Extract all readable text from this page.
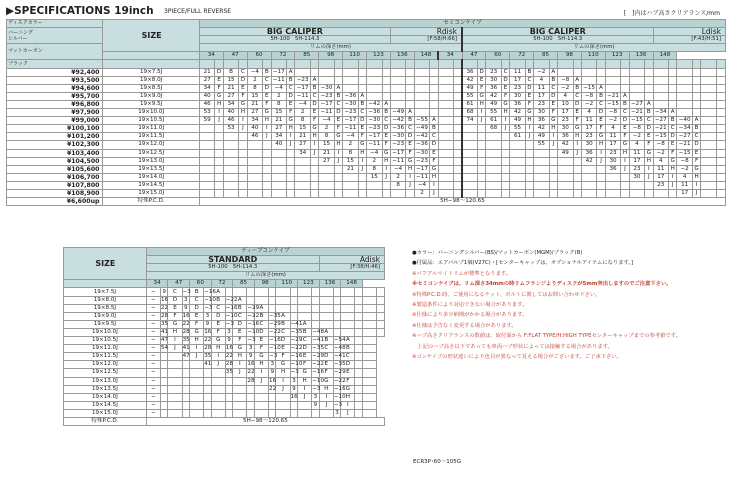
▶SPECIFICATIONS 19inch 3PIECE/FULL REVERSE	[　]内はハブ高さクリアランス/mm
ディスクカラー	SIZE	セミコンケイブ																																											
バーニング
シルバー		BIG CALIPER																Rdisk						BIG CALIPER																Ldisk					
		5H-100　5H-114.3																[F:58/H:66]						5H-100　5H-114.3																[F:43/H:51]					
マットカーボン		リムの深さ(mm)																						リムの深さ(mm)																					
		34		47		60		72		85		98		110		123		136		148		34		47		60		72		85		98		110		123		136		148					
ブラック																																													
¥92,400	19×7.5J	21	D	B	C	−4	B	−17	A															36	D	23	C	11	B	−2	A														
¥93,500	19×8.0J	27	E	15	D	2	C	−11	B	−23	A													42	E	30	D	17	C	4	B	−8	A												
¥94,600	19×8.5J	34	F	21	E	8	D	−4	C	−17	B	−30	A											49	F	36	E	23	D	11	C	−2	B	−15	A										
¥95,700	19×9.0J	40	G	27	F	15	E	2	D	−11	C	−23	B	−36	A									55	G	42	F	30	E	17	D	4	C	−8	B	−21	A								
¥96,800	19×9.5J	46	H	34	G	21	F	8	E	−4	D	−17	C	−30	B	−42	A							61	H	49	G	36	F	23	E	10	D	−2	C	−15	B	−27	A						
¥97,900	19×10.0J	53	I	40	H	27	G	15	F	2	E	−11	D	−23	C	−36	B	−49	A					68	I	55	H	42	G	30	F	17	E	4	D	−8	C	−21	B	−34	A				
¥99,000	19×10.5J	59	J	46	I	34	H	21	G	8	F	−4	E	−17	D	−30	C	−42	B	−55	A			74	J	61	I	49	H	36	G	23	F	11	E	−2	D	−15	C	−27	B	−40	A		
¥100,100	19×11.0J			53	J	40	I	27	H	15	G	2	F	−11	E	−23	D	−36	C	−49	B					68	J	55	I	42	H	30	G	17	F	4	E	−8	D	−21	C	−34	B		
¥101,200	19×11.5J					46	J	34	I	21	H	8	G	−4	F	−17	E	−30	D	−42	C							61	J	49	I	36	H	23	G	11	F	−2	E	−15	D	−27	C		
¥102,300	19×12.0J							40	J	27	I	15	H	2	G	−11	F	−23	E	−36	D									55	J	42	I	30	H	17	G	4	F	−8	E	−21	D		
¥103,400	19×12.5J									34	J	21	I	8	H	−4	G	−17	F	−30	E											49	J	36	I	23	H	11	G	−2	F	−15	E		
¥104,500	19×13.0J											27	J	15	I	2	H	−11	G	−23	F													42	J	30	I	17	H	4	G	−8	F		
¥105,600	19×13.5J													21	J	8	I	−4	H	−17	G															36	J	23	I	11	H	−2	G		
¥106,700	19×14.0J															15	J	2	I	−11	H																	30	J	17	I	4	H		
¥107,800	19×14.5J																	8	J	−4	I																			23	J	11	I		
¥108,900	19×15.0J																			2	J																					17	J		
¥6,600up	特殊P.C.D.	5H−98〜120.65																																											
SIZE	ディープコンケイブ																					
	STANDARD																Adisk					
	5H-100　5H-114.3																[F:38/H:46]					
	リムの深さ(mm)																					
	34		47		60		72		85		98		110		123		136		148			
19×7.5J	−	9	C	−3	B	−16	A															
19×8.0J	−	16	D	3	C	−10	B	−22	A													
19×8.5J	−	22	E	9	D	−3	C	−16	B	−29	A											
19×9.0J	−	28	F	16	E	3	D	−10	C	−22	B	−35	A									
19×9.5J	−	35	G	22	F	9	E	−3	D	−16	C	−29	B	−41	A							
19×10.0J	−	41	H	28	G	16	F	3	E	−10	D	−22	C	−35	B	−48	A					
19×10.5J	−	47	I	35	H	22	G	9	F	−3	E	−16	D	−29	C	−41	B	−54	A			
19×11.0J	−	54	J	41	I	28	H	16	G	3	F	−10	E	−22	D	−35	C	−48	B			
19×11.5J	−			47	J	35	I	22	H	9	G	−3	F	−16	E	−29	D	−41	C			
19×12.0J	−					41	J	28	I	16	H	3	G	−10	F	−22	E	−35	D			
19×12.5J	−							35	J	22	I	9	H	−3	G	−16	F	−29	E			
19×13.0J	−									28	J	16	I	3	H	−10	G	−22	F			
19×13.5J	−											22	J	9	I	−3	H	−16	G			
19×14.0J	−													16	J	3	I	−10	H			
19×14.5J	−															9	J	−3	I			
19×15.0J	−																	3	J			
特殊P.C.D.	5H−98〜120.65																					
●カラー：バーニングシルバー(BS)/マットカーボン(MGM)/ブラック(B)
●付属品：エアバルブ1個(V27C)・[センターキャップは、オプショナルアイテムになります。]
※バフアルマイトリムが標準となります。
※セミコンケイブは、リム深さ34mmの時リムフランジよりディスクが5mm突出しますのでご注意下さい。
※特殊P.C.D.時、ご使用になるナット、ボルトに関してはお問い合わせ下さい。
※製造条件により対応できない場合があります。
※仕様により多少納期がかかる場合があります。
※仕様は予告なく変更する場合があります。
※ハブ高さクリアランスの数値は、取付面から F:FLAT TYPE/H:HIGH TYPEセンターキャップまでの参考値です。
　上記のハブ高さ以下であっても車両ハブ形状によっては接触する場合があります。
※コンケイブの形状違いにより色目が異なって見える場合がございます。ご了承下さい。
ECR3P･60〜105G
